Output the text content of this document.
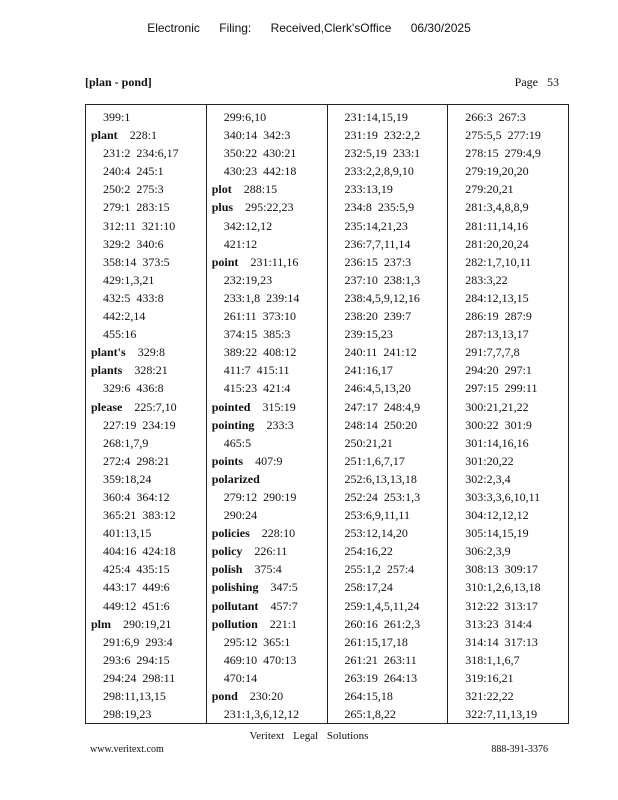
Electronic Filing: Received,Clerk'sOffice 06/30/2025
[plan - pond]	Page 53
399:1
plant 228:1
231:2 234:6,17
240:4 245:1
250:2 275:3
279:1 283:15
312:11 321:10
329:2 340:6
358:14 373:5
429:1,3,21
432:5 433:8
442:2,14
455:16
plant's 329:8
plants 328:21
329:6 436:8
please 225:7,10
227:19 234:19
268:1,7,9
272:4 298:21
359:18,24
360:4 364:12
365:21 383:12
401:13,15
404:16 424:18
425:4 435:15
443:17 449:6
449:12 451:6
plm 290:19,21
291:6,9 293:4
293:6 294:15
294:24 298:11
298:11,13,15
298:19,23
299:6,10
340:14 342:3
350:22 430:21
430:23 442:18
plot 288:15
plus 295:22,23
342:12,12
421:12
point 231:11,16
232:19,23
233:1,8 239:14
261:11 373:10
374:15 385:3
389:22 408:12
411:7 415:11
415:23 421:4
pointed 315:19
pointing 233:3
465:5
points 407:9
polarized
279:12 290:19
290:24
policies 228:10
policy 226:11
polish 375:4
polishing 347:5
pollutant 457:7
pollution 221:1
295:12 365:1
469:10 470:13
470:14
pond 230:20
231:1,3,6,12,12
231:14,15,19
231:19 232:2,2
232:5,19 233:1
233:2,2,8,9,10
233:13,19
234:8 235:5,9
235:14,21,23
236:7,7,11,14
236:15 237:3
237:10 238:1,3
238:4,5,9,12,16
238:20 239:7
239:15,23
240:11 241:12
241:16,17
246:4,5,13,20
247:17 248:4,9
248:14 250:20
250:21,21
251:1,6,7,17
252:6,13,13,18
252:24 253:1,3
253:6,9,11,11
253:12,14,20
254:16,22
255:1,2 257:4
258:17,24
259:1,4,5,11,24
260:16 261:2,3
261:15,17,18
261:21 263:11
263:19 264:13
264:15,18
265:1,8,22
266:3 267:3
275:5,5 277:19
278:15 279:4,9
279:19,20,20
279:20,21
281:3,4,8,8,9
281:11,14,16
281:20,20,24
282:1,7,10,11
283:3,22
284:12,13,15
286:19 287:9
287:13,13,17
291:7,7,7,8
294:20 297:1
297:15 299:11
300:21,21,22
300:22 301:9
301:14,16,16
301:20,22
302:2,3,4
303:3,3,6,10,11
304:12,12,12
305:14,15,19
306:2,3,9
308:13 309:17
310:1,2,6,13,18
312:22 313:17
313:23 314:4
314:14 317:13
318:1,1,6,7
319:16,21
321:22,22
322:7,11,13,19
Veritext Legal Solutions
www.veritext.com	888-391-3376
